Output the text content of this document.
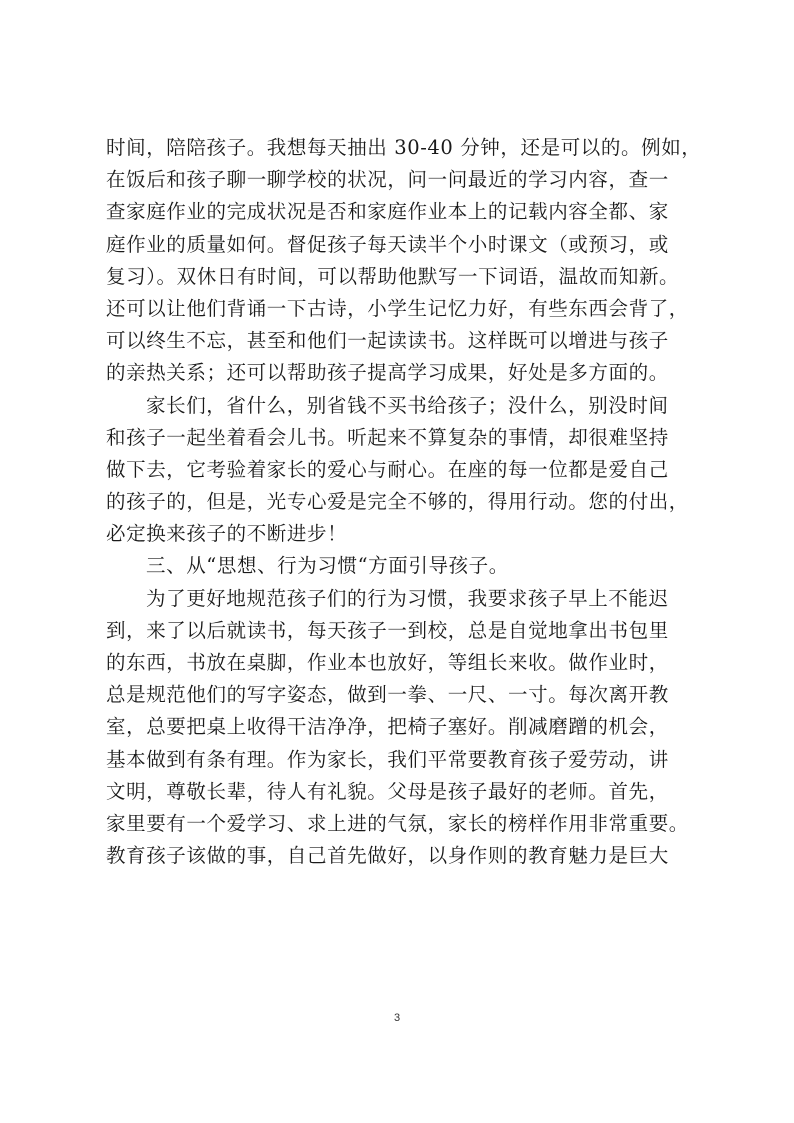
时间，陪陪孩子。我想每天抽出 30-40 分钟，还是可以的。例如，
在饭后和孩子聊一聊学校的状况，问一问最近的学习内容，查一
查家庭作业的完成状况是否和家庭作业本上的记载内容全都、家
庭作业的质量如何。督促孩子每天读半个小时课文（或预习，或
复习）。双休日有时间，可以帮助他默写一下词语，温故而知新。
还可以让他们背诵一下古诗，小学生记忆力好，有些东西会背了，
可以终生不忘，甚至和他们一起读读书。这样既可以增进与孩子
的亲热关系；还可以帮助孩子提高学习成果，好处是多方面的。
家长们，省什么，别省钱不买书给孩子；没什么，别没时间
和孩子一起坐着看会儿书。听起来不算复杂的事情，却很难坚持
做下去，它考验着家长的爱心与耐心。在座的每一位都是爱自己
的孩子的，但是，光专心爱是完全不够的，得用行动。您的付出，
必定换来孩子的不断进步！
三、从“思想、行为习惯“方面引导孩子。
为了更好地规范孩子们的行为习惯，我要求孩子早上不能迟
到，来了以后就读书，每天孩子一到校，总是自觉地拿出书包里
的东西，书放在桌脚，作业本也放好，等组长来收。做作业时，
总是规范他们的写字姿态，做到一拳、一尺、一寸。每次离开教
室，总要把桌上收得干洁净净，把椅子塞好。削减磨蹭的机会，
基本做到有条有理。作为家长，我们平常要教育孩子爱劳动，讲
文明，尊敬长辈，待人有礼貌。父母是孩子最好的老师。首先，
家里要有一个爱学习、求上进的气氛，家长的榜样作用非常重要。
教育孩子该做的事，自己首先做好，以身作则的教育魅力是巨大
3
